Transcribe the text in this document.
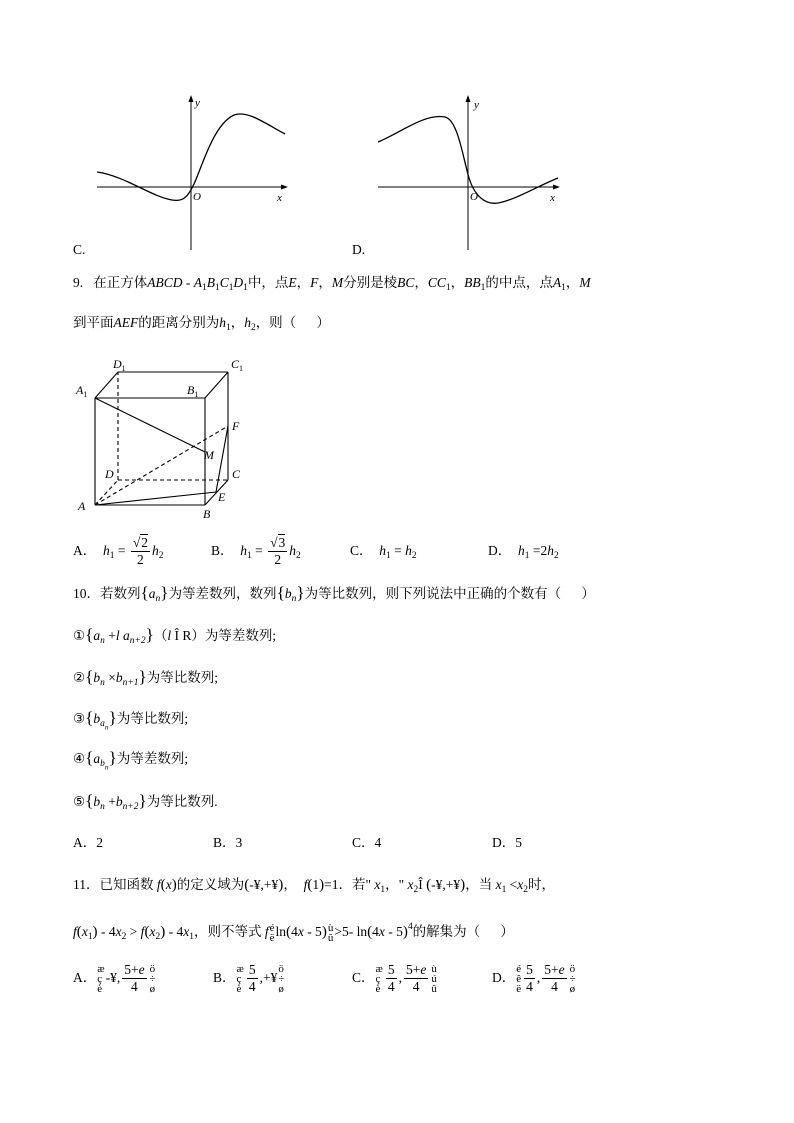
y
O	x
C.
y
O	x
D.
9.   在正方体ABCD - $A_1B_1C_1D_1$中，点E，F，M分别是棱BC，$CC_1$，$BB_1$的中点，点$A_1$，M
到平面AEF的距离分别为$h_1$，$h_2$，则（      ）
$D_1$	$C_1$
$A_1$	$B_1$
F
M
D	C
E
A
B
A．  $h_1 = \frac{√2}{2} h_2$	B．  $h_1 = \frac{√3}{2} h_2$	C．  $h_1 = h_2$	D．  $h_1 =2h_2$
10．若数列$\{a_n\}$为等差数列，数列$\{b_n\}$为等比数列，则下列说法中正确的个数有（      ）
$①\{a_n +l$ $a_{n+2}\}(l$ Î R）为等差数列;
$②\{b_n \times b_{n+1}\}$为等比数列;
$③\{b_{an}\}$为等比数列;
$④\{a_{bn}\}$为等差数列;
$⑤\{b_n +b_{n+2}\}$为等比数列.
A．2	B．3	C．4	D．5
11．已知函数 f(x)的定义域为(-¥,+¥)，  f(1)=1．若" $x_1$，" $x_2Î$ (-¥,+¥)，当 $x_1 <x_2$时，
$f(x_1) - 4x_2 > f(x_2) - 4x_1$，则不等式 f é
ë ln(4x - 5) ù
û >5- ln(4x - 5)$^4$的解集为（      ）
A．
æ
ç
è
-¥, $\frac{5+e}{4}$ ö
÷
ø
B．
æ
ç
è $\frac{5}{4}$ ,+¥
ö
÷
ø
C．
æ
ç
è $\frac{5}{4}$ , $\frac{5+e}{4}$ ù
ú
û
D．
é
ê
ë $\frac{5}{4}$ , $\frac{5+e}{4}$ ö
÷
ø
